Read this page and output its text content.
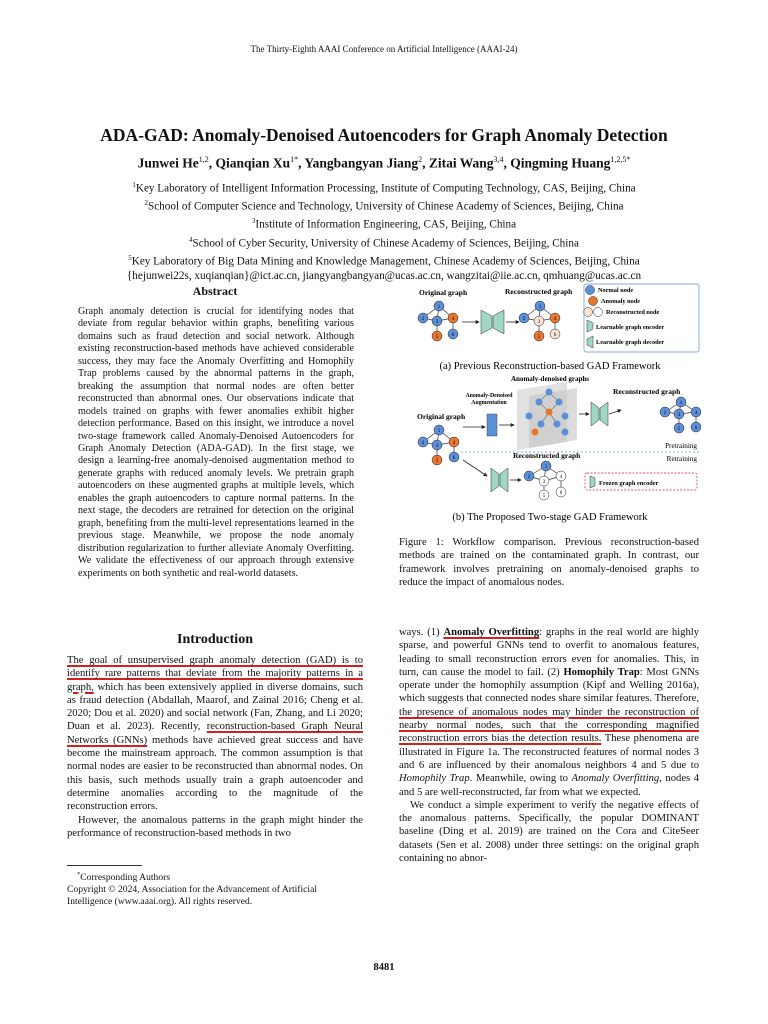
The Thirty-Eighth AAAI Conference on Artificial Intelligence (AAAI-24)
ADA-GAD: Anomaly-Denoised Autoencoders for Graph Anomaly Detection
Junwei He$^{1,2}$, Qianqian $Xu^{1*}$, Yangbangyan Jiang$^2$, Zitai Wang$^{3,4}$, Qingming Huang$^{1,2,5*}$
$^1$Key Laboratory of Intelligent Information Processing, Institute of Computing Technology, CAS, Beijing, China
$^2$School of Computer Science and Technology, University of Chinese Academy of Sciences, Beijing, China
$^3$Institute of Information Engineering, CAS, Beijing, China
$^4$School of Cyber Security, University of Chinese Academy of Sciences, Beijing, China
$^5$Key Laboratory of Big Data Mining and Knowledge Management, Chinese Academy of Sciences, Beijing, China
{hejunwei22s, xuqianqian}@ict.ac.cn, jiangyangbangyan@ucas.ac.cn, wangzitai@iie.ac.cn, qmhuang@ucas.ac.cn
Abstract
Graph anomaly detection is crucial for identifying nodes that deviate from regular behavior within graphs, benefiting various domains such as fraud detection and social network. Although existing reconstruction-based methods have achieved considerable success, they may face the Anomaly Overfitting and Homophily Trap problems caused by the abnormal patterns in the graph, breaking the assumption that normal nodes are often better reconstructed than abnormal ones. Our observations indicate that models trained on graphs with fewer anomalies exhibit higher detection performance. Based on this insight, we introduce a novel two-stage framework called Anomaly-Denoised Autoencoders for Graph Anomaly Detection (ADA-GAD). In the first stage, we design a learning-free anomaly-denoised augmentation method to generate graphs with reduced anomaly levels. We pretrain graph autoencoders on these augmented graphs at multiple levels, which enables the graph autoencoders to capture normal patterns. In the next stage, the decoders are retrained for detection on the original graph, benefiting from the multi-level representations learned in the previous stage. Meanwhile, we propose the node anomaly distribution regularization to further alleviate Anomaly Overfitting. We validate the effectiveness of our approach through extensive experiments on both synthetic and real-world datasets.
Introduction

The goal of unsupervised graph anomaly detection (GAD) is to identify rare patterns that deviate from the majority patterns in a graph, which has been extensively applied in diverse domains, such as fraud detection (Abdallah, Maarof, and Zainal 2016; Cheng et al. 2020; Dou et al. 2020) and social network (Fan, Zhang, and Li 2020; Duan et al. 2023). Recently, reconstruction-based Graph Neural Networks (GNNs) methods have achieved great success and have become the mainstream approach. The common assumption is that normal nodes are easier to be reconstructed than abnormal nodes. On this basis, such methods usually train a graph autoencoder and determine anomalies according to the magnitude of the reconstruction errors.

However, the anomalous patterns in the graph might hinder the performance of reconstruction-based methods in two

*Corresponding Authors
Copyright © 2024, Association for the Advancement of Artificial Intelligence (www.aaai.org). All rights reserved.
Original graph
1
2
3
4
5	6
Reconstructed graph
1
2
3
4
5	6
Normal node
Anomaly node
Reconstructed node
Learnable graph encoder
Learnable graph decoder
(a) Previous Reconstruction-based GAD Framework
Anomaly-denoised graphs
Anomaly-Denoised
Augmentation
Original graph
Reconstructed graph
1
2
3
4
5
6
1
2 3	4
5	6
Pretraining
Retraining
Reconstructed graph
1
2
3
4
5
6
Frozen graph encoder
(b) The Proposed Two-stage GAD Framework
Figure 1: Workflow comparison. Previous reconstruction-based methods are trained on the contaminated graph. In contrast, our framework involves pretraining on anomaly-denoised graphs to reduce the impact of anomalous nodes.

ways. (1) Anomaly Overfitting: graphs in the real world are highly sparse, and powerful GNNs tend to overfit to anomalous features, leading to small reconstruction errors even for anomalies. This, in turn, can cause the model to fail. (2) Homophily Trap: Most GNNs operate under the homophily assumption (Kipf and Welling 2016a), which suggests that connected nodes share similar features. Therefore, the presence of anomalous nodes may hinder the reconstruction of nearby normal nodes, such that the corresponding magnified reconstruction errors bias the detection results. These phenomena are illustrated in Figure 1a. The reconstructed features of normal nodes 3 and 6 are influenced by their anomalous neighbors 4 and 5 due to Homophily Trap. Meanwhile, owing to Anomaly Overfitting, nodes 4 and 5 are well-reconstructed, far from what we expected.

We conduct a simple experiment to verify the negative effects of the anomalous patterns. Specifically, the popular DOMINANT baseline (Ding et al. 2019) are trained on the Cora and CiteSeer datasets (Sen et al. 2008) under three settings: on the original graph containing no abnor-

8481
